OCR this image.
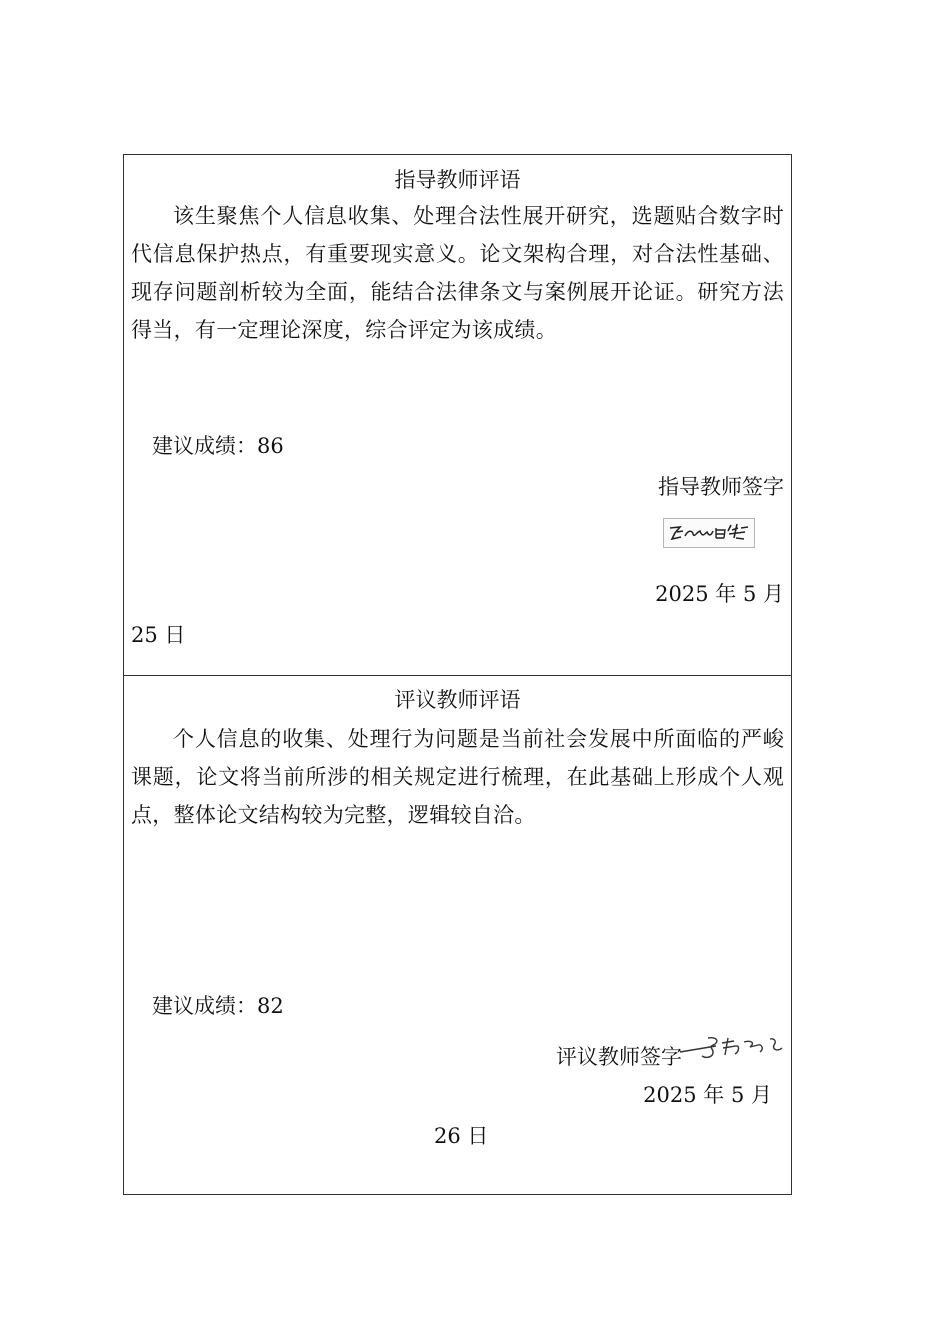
指导教师评语
该生聚焦个人信息收集、处理合法性展开研究，选题贴合数字时代信息保护热点，有重要现实意义。论文架构合理，对合法性基础、现存问题剖析较为全面，能结合法律条文与案例展开论证。研究方法得当，有一定理论深度，综合评定为该成绩。
建议成绩：86
指导教师签字
2025 年 5 月
25 日
评议教师评语
个人信息的收集、处理行为问题是当前社会发展中所面临的严峻课题，论文将当前所涉的相关规定进行梳理，在此基础上形成个人观点，整体论文结构较为完整，逻辑较自洽。
建议成绩：82
评议教师签字
2025 年 5 月
26 日
